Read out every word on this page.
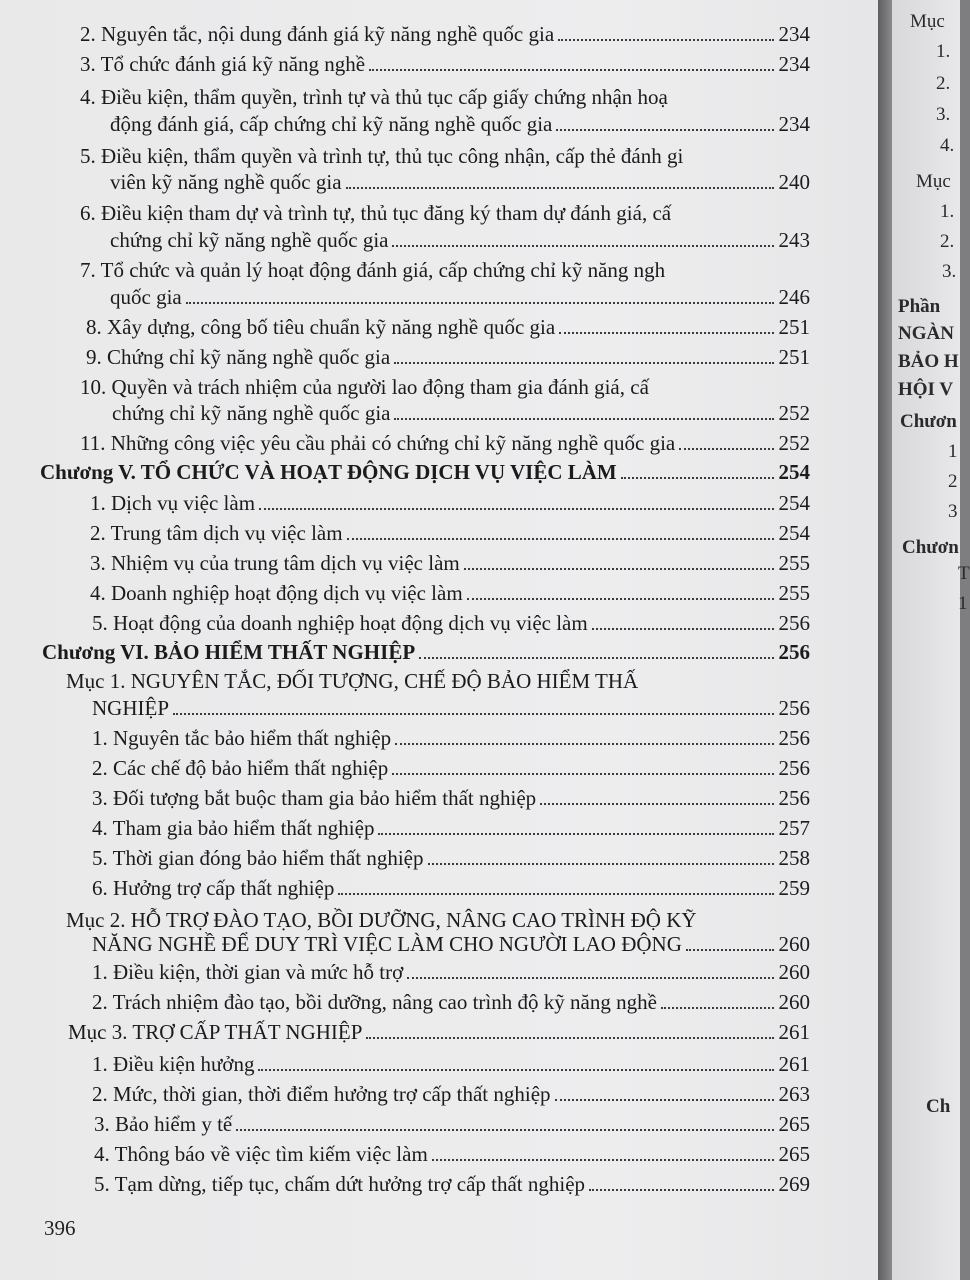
2. Nguyên tắc, nội dung đánh giá kỹ năng nghề quốc gia	234
3. Tổ chức đánh giá kỹ năng nghề	234
4. Điều kiện, thẩm quyền, trình tự và thủ tục cấp giấy chứng nhận hoạ
động đánh giá, cấp chứng chỉ kỹ năng nghề quốc gia	234
5. Điều kiện, thẩm quyền và trình tự, thủ tục công nhận, cấp thẻ đánh gi
viên kỹ năng nghề quốc gia	240
6. Điều kiện tham dự và trình tự, thủ tục đăng ký tham dự đánh giá, cấ
chứng chỉ kỹ năng nghề quốc gia	243
7. Tổ chức và quản lý hoạt động đánh giá, cấp chứng chỉ kỹ năng ngh
quốc gia	246
8. Xây dựng, công bố tiêu chuẩn kỹ năng nghề quốc gia	251
9. Chứng chỉ kỹ năng nghề quốc gia	251
10. Quyền và trách nhiệm của người lao động tham gia đánh giá, cấ
chứng chỉ kỹ năng nghề quốc gia	252
11. Những công việc yêu cầu phải có chứng chỉ kỹ năng nghề quốc gia	252
Chương V. TỔ CHỨC VÀ HOẠT ĐỘNG DỊCH VỤ VIỆC LÀM	254
1. Dịch vụ việc làm	254
2. Trung tâm dịch vụ việc làm	254
3. Nhiệm vụ của trung tâm dịch vụ việc làm	255
4. Doanh nghiệp hoạt động dịch vụ việc làm	255
5. Hoạt động của doanh nghiệp hoạt động dịch vụ việc làm	256
Chương VI. BẢO HIỂM THẤT NGHIỆP	256
Mục 1. NGUYÊN TẮC, ĐỐI TƯỢNG, CHẾ ĐỘ BẢO HIỂM THẤ
NGHIỆP	256
1. Nguyên tắc bảo hiểm thất nghiệp	256
2. Các chế độ bảo hiểm thất nghiệp	256
3. Đối tượng bắt buộc tham gia bảo hiểm thất nghiệp	256
4. Tham gia bảo hiểm thất nghiệp	257
5. Thời gian đóng bảo hiểm thất nghiệp	258
6. Hưởng trợ cấp thất nghiệp	259
Mục 2. HỖ TRỢ ĐÀO TẠO, BỒI DƯỠNG, NÂNG CAO TRÌNH ĐỘ KỸ
NĂNG NGHỀ ĐỂ DUY TRÌ VIỆC LÀM CHO NGƯỜI LAO ĐỘNG	260
1. Điều kiện, thời gian và mức hỗ trợ	260
2. Trách nhiệm đào tạo, bồi dưỡng, nâng cao trình độ kỹ năng nghề	260
Mục 3. TRỢ CẤP THẤT NGHIỆP	261
1. Điều kiện hưởng	261
2. Mức, thời gian, thời điểm hưởng trợ cấp thất nghiệp	263
3. Bảo hiểm y tế	265
4. Thông báo về việc tìm kiếm việc làm	265
5. Tạm dừng, tiếp tục, chấm dứt hưởng trợ cấp thất nghiệp	269
396
Mục
1.
2.
3.
4.
Mục
1.
2.
3.
Phần
NGÀN
BẢO H
HỘI V
Chươn
1
2
3
Chươn
T
1
Ch
